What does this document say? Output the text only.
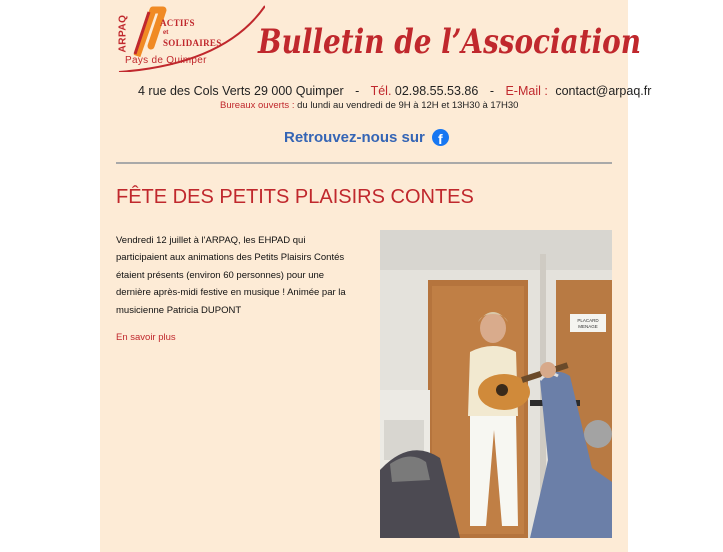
ARPAQ	ACTIFS
et
SOLIDAIRES
Pays de Quimper Bulletin de l’Association
4 rue des Cols Verts 29 000 Quimper - Tél. 02.98.55.53.86 - E-Mail : contact@arpaq.fr
Bureaux ouverts : du lundi au vendredi de 9H à 12H et 13H30 à 17H30
Retrouvez-nous sur f
FÊTE DES PETITS PLAISIRS CONTES

Vendredi 12 juillet à l'ARPAQ, les EHPAD qui participaient aux animations des Petits Plaisirs Contés étaient présents (environ 60 personnes) pour une dernière après-midi festive en musique ! Animée par la musicienne Patricia DUPONT

En savoir plus
PLACARD
MENAGE
